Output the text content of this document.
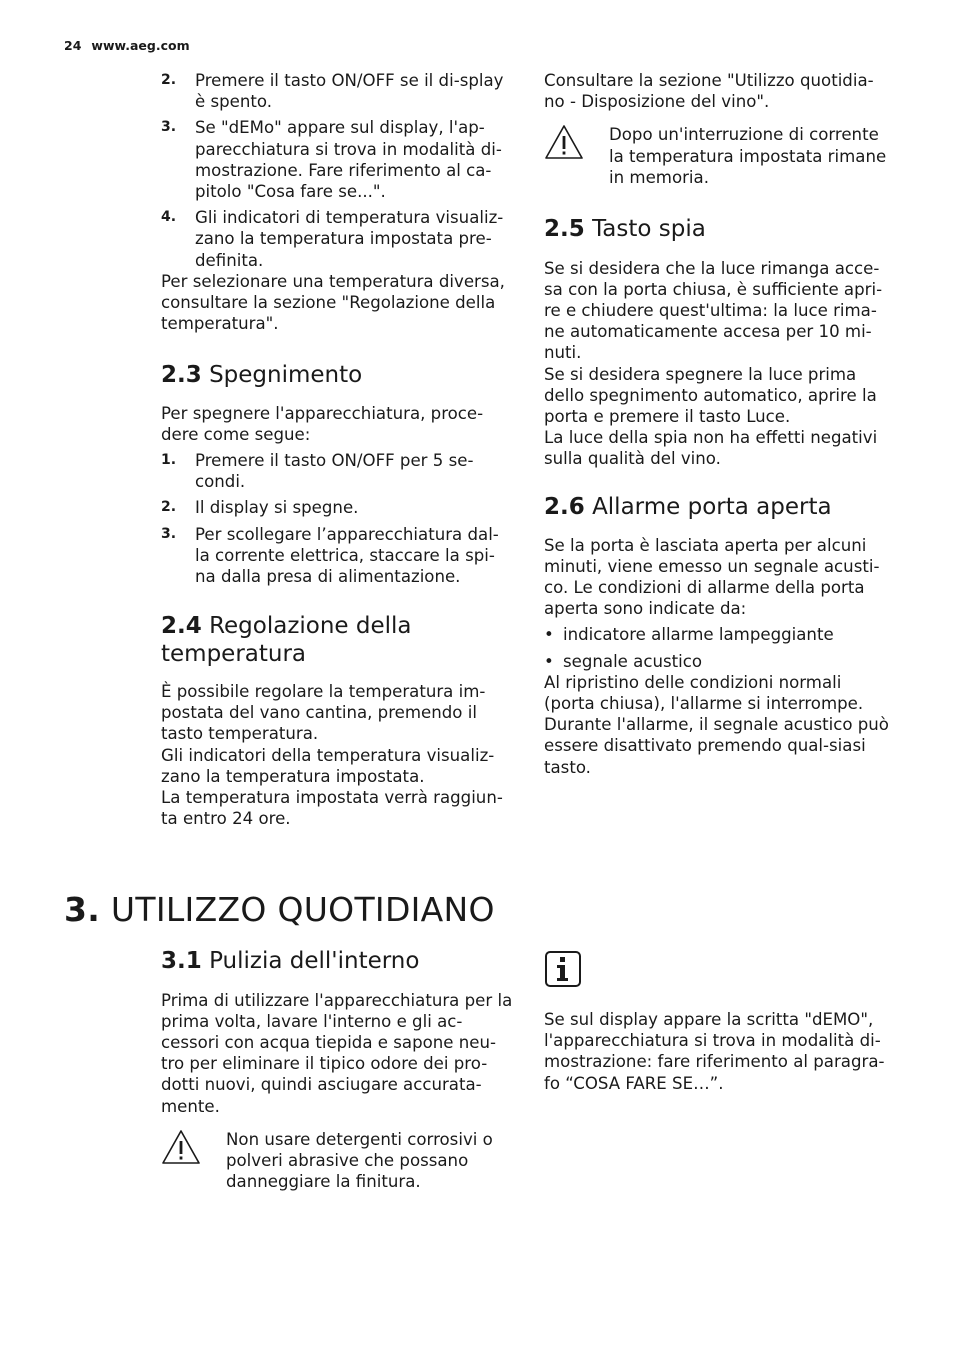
24 www.aeg.com
2. Premere il tasto ON/OFF se il di-splay è spento.
3. Se "dEMo" appare sul display, l'ap-parecchiatura si trova in modalità di-mostrazione. Fare riferimento al ca-pitolo "Cosa fare se...".
4. Gli indicatori di temperatura visualiz-zano la temperatura impostata pre-definita.

Per selezionare una temperatura diversa, consultare la sezione "Regolazione della temperatura".

2.3 Spegnimento

Per spegnere l'apparecchiatura, proce-dere come segue:

1. Premere il tasto ON/OFF per 5 se-condi.
2. Il display si spegne.
3. Per scollegare l’apparecchiatura dal-la corrente elettrica, staccare la spi-na dalla presa di alimentazione.
2.4 Regolazione della
temperatura

È possibile regolare la temperatura im-postata del vano cantina, premendo il tasto temperatura.

Gli indicatori della temperatura visualiz-zano la temperatura impostata.

La temperatura impostata verrà raggiun-ta entro 24 ore.

Consultare la sezione "Utilizzo quotidia-no - Disposizione del vino".

Dopo un'interruzione di corrente la temperatura impostata rimane in memoria.

2.5 Tasto spia

Se si desidera che la luce rimanga acce-sa con la porta chiusa, è sufficiente apri-re e chiudere quest'ultima: la luce rima-ne automaticamente accesa per 10 mi-nuti.

Se si desidera spegnere la luce prima dello spegnimento automatico, aprire la porta e premere il tasto Luce.

La luce della spia non ha effetti negativi sulla qualità del vino.

2.6 Allarme porta aperta

Se la porta è lasciata aperta per alcuni minuti, viene emesso un segnale acusti-co. Le condizioni di allarme della porta aperta sono indicate da:

• indicatore allarme lampeggiante
• segnale acustico

Al ripristino delle condizioni normali (porta chiusa), l'allarme si interrompe. Durante l'allarme, il segnale acustico può essere disattivato premendo qual-siasi tasto.

3. UTILIZZO QUOTIDIANO
3.1 Pulizia dell'interno

Prima di utilizzare l'apparecchiatura per la prima volta, lavare l'interno e gli ac-cessori con acqua tiepida e sapone neu-tro per eliminare il tipico odore dei pro-dotti nuovi, quindi asciugare accurata-mente.

Non usare detergenti corrosivi o polveri abrasive che possano danneggiare la finitura.

Se sul display appare la scritta "dEMO", l'apparecchiatura si trova in modalità di-mostrazione: fare riferimento al paragra-fo “COSA FARE SE…”.
